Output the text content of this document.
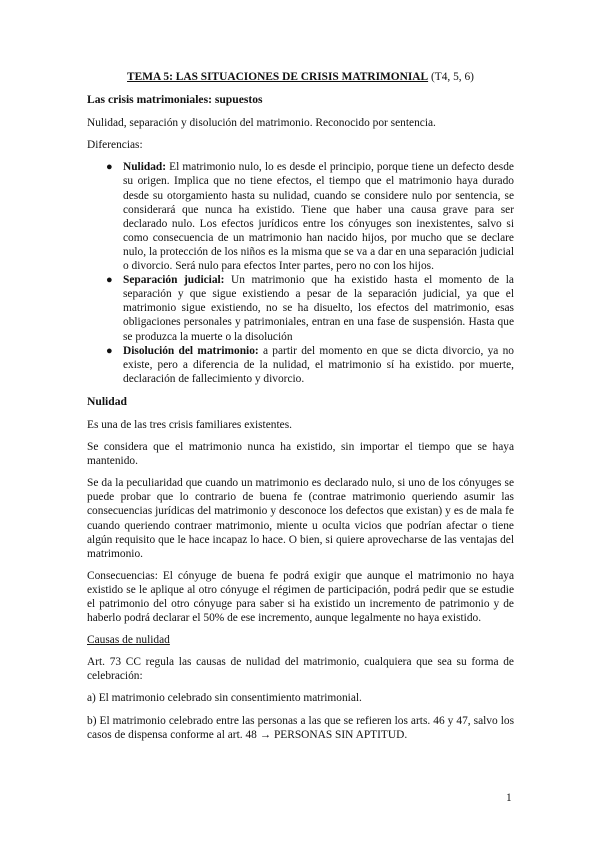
TEMA 5: LAS SITUACIONES DE CRISIS MATRIMONIAL (T4, 5, 6)

Las crisis matrimoniales: supuestos

Nulidad, separación y disolución del matrimonio. Reconocido por sentencia.

Diferencias:

● Nulidad: El matrimonio nulo, lo es desde el principio, porque tiene un defecto desde su origen. Implica que no tiene efectos, el tiempo que el matrimonio haya durado desde su otorgamiento hasta su nulidad, cuando se considere nulo por sentencia, se considerará que nunca ha existido. Tiene que haber una causa grave para ser declarado nulo. Los efectos jurídicos entre los cónyuges son inexistentes, salvo si como consecuencia de un matrimonio han nacido hijos, por mucho que se declare nulo, la protección de los niños es la misma que se va a dar en una separación judicial o divorcio. Será nulo para efectos Inter partes, pero no con los hijos.
● Separación judicial: Un matrimonio que ha existido hasta el momento de la separación y que sigue existiendo a pesar de la separación judicial, ya que el matrimonio sigue existiendo, no se ha disuelto, los efectos del matrimonio, esas obligaciones personales y patrimoniales, entran en una fase de suspensión. Hasta que se produzca la muerte o la disolución
● Disolución del matrimonio: a partir del momento en que se dicta divorcio, ya no existe, pero a diferencia de la nulidad, el matrimonio sí ha existido. por muerte, declaración de fallecimiento y divorcio.
Nulidad

Es una de las tres crisis familiares existentes.

Se considera que el matrimonio nunca ha existido, sin importar el tiempo que se haya mantenido.

Se da la peculiaridad que cuando un matrimonio es declarado nulo, si uno de los cónyuges se puede probar que lo contrario de buena fe (contrae matrimonio queriendo asumir las consecuencias jurídicas del matrimonio y desconoce los defectos que existan) y es de mala fe cuando queriendo contraer matrimonio, miente u oculta vicios que podrían afectar o tiene algún requisito que le hace incapaz lo hace. O bien, si quiere aprovecharse de las ventajas del matrimonio.

Consecuencias: El cónyuge de buena fe podrá exigir que aunque el matrimonio no haya existido se le aplique al otro cónyuge el régimen de participación, podrá pedir que se estudie el patrimonio del otro cónyuge para saber si ha existido un incremento de patrimonio y de haberlo podrá declarar el 50% de ese incremento, aunque legalmente no haya existido.

Causas de nulidad

Art. 73 CC regula las causas de nulidad del matrimonio, cualquiera que sea su forma de celebración:

a) El matrimonio celebrado sin consentimiento matrimonial.

b) El matrimonio celebrado entre las personas a las que se refieren los arts. 46 y 47, salvo los casos de dispensa conforme al art. 48 → PERSONAS SIN APTITUD.

1
